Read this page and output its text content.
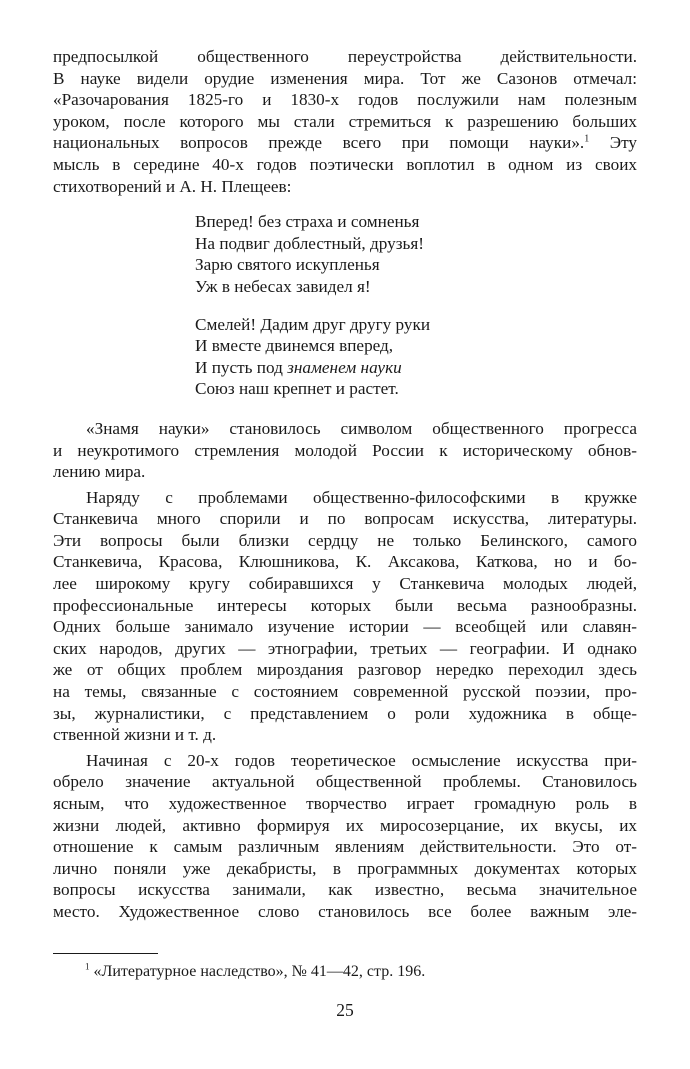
предпосылкой общественного переустройства действительности.
В науке видели орудие изменения мира. Тот же Сазонов отмечал:
«Разочарования 1825-го и 1830-х годов послужили нам полезным
уроком, после которого мы стали стремиться к разрешению больших
национальных вопросов прежде всего при помощи науки».$^1$ Эту
мысль в середине 40-х годов поэтически воплотил в одном из своих
стихотворений и А. Н. Плещеев:
Вперед! без страха и сомненья
На подвиг доблестный, друзья!
Зарю святого искупленья
Уж в небесах завидел я!
Смелей! Дадим друг другу руки
И вместе двинемся вперед,
И пусть под знаменем науки
Союз наш крепнет и растет.
«Знамя науки» становилось символом общественного прогресса
и неукротимого стремления молодой России к историческому обнов-
лению мира.
Наряду с проблемами общественно-философскими в кружке
Станкевича много спорили и по вопросам искусства, литературы.
Эти вопросы были близки сердцу не только Белинского, самого
Станкевича, Красова, Клюшникова, К. Аксакова, Каткова, но и бо-
лее широкому кругу собиравшихся у Станкевича молодых людей,
профессиональные интересы которых были весьма разнообразны.
Одних больше занимало изучение истории — всеобщей или славян-
ских народов, других — этнографии, третьих — географии. И однако
же от общих проблем мироздания разговор нередко переходил здесь
на темы, связанные с состоянием современной русской поэзии, про-
зы, журналистики, с представлением о роли художника в обще-
ственной жизни и т. д.
Начиная с 20-х годов теоретическое осмысление искусства при-
обрело значение актуальной общественной проблемы. Становилось
ясным, что художественное творчество играет громадную роль в
жизни людей, активно формируя их миросозерцание, их вкусы, их
отношение к самым различным явлениям действительности. Это от-
лично поняли уже декабристы, в программных документах которых
вопросы искусства занимали, как известно, весьма значительное
место. Художественное слово становилось все более важным эле-
$^1$ «Литературное наследство», № 41—42, стр. 196.
25
